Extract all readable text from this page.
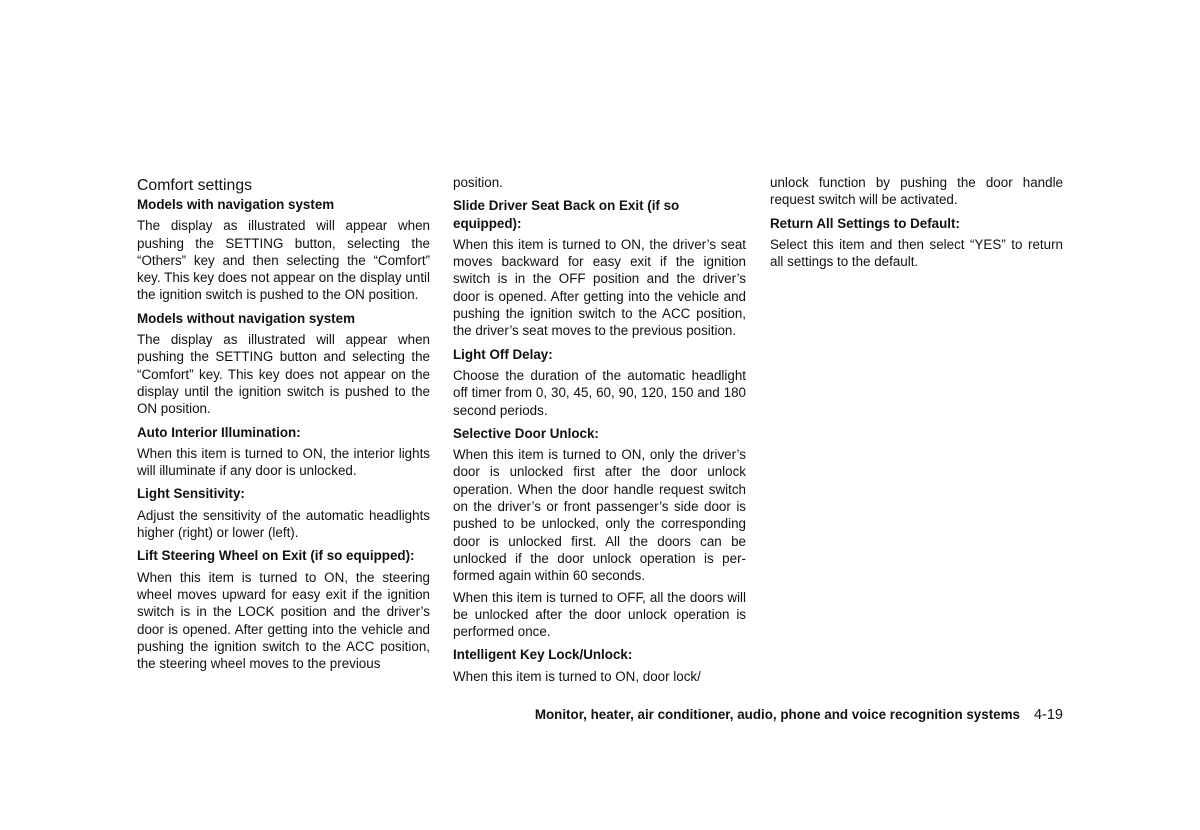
Comfort settings
Models with navigation system

The display as illustrated will appear when pushing the SETTING button, selecting the “Others” key and then selecting the “Comfort” key. This key does not appear on the display until the ignition switch is pushed to the ON position.

Models without navigation system

The display as illustrated will appear when pushing the SETTING button and selecting the “Comfort” key. This key does not appear on the display until the ignition switch is pushed to the ON position.

Auto Interior Illumination:

When this item is turned to ON, the interior lights will illuminate if any door is unlocked.

Light Sensitivity:

Adjust the sensitivity of the automatic headlights higher (right) or lower (left).

Lift Steering Wheel on Exit (if so equipped):

When this item is turned to ON, the steering wheel moves upward for easy exit if the ignition switch is in the LOCK position and the driver’s door is opened. After getting into the vehicle and pushing the ignition switch to the ACC position, the steering wheel moves to the previous

position.

Slide Driver Seat Back on Exit (if so equipped):

When this item is turned to ON, the driver’s seat moves backward for easy exit if the ignition switch is in the OFF position and the driver’s door is opened. After getting into the vehicle and pushing the ignition switch to the ACC position, the driver’s seat moves to the previous position.

Light Off Delay:

Choose the duration of the automatic headlight off timer from 0, 30, 45, 60, 90, 120, 150 and 180 second periods.

Selective Door Unlock:

When this item is turned to ON, only the driver’s door is unlocked first after the door unlock operation. When the door handle request switch on the driver’s or front passenger’s side door is pushed to be unlocked, only the corresponding door is unlocked first. All the doors can be unlocked if the door unlock operation is per-formed again within 60 seconds.

When this item is turned to OFF, all the doors will be unlocked after the door unlock operation is performed once.

Intelligent Key Lock/Unlock:

When this item is turned to ON, door lock/

unlock function by pushing the door handle request switch will be activated.

Return All Settings to Default:

Select this item and then select “YES” to return all settings to the default.

Monitor, heater, air conditioner, audio, phone and voice recognition systems 4-19
